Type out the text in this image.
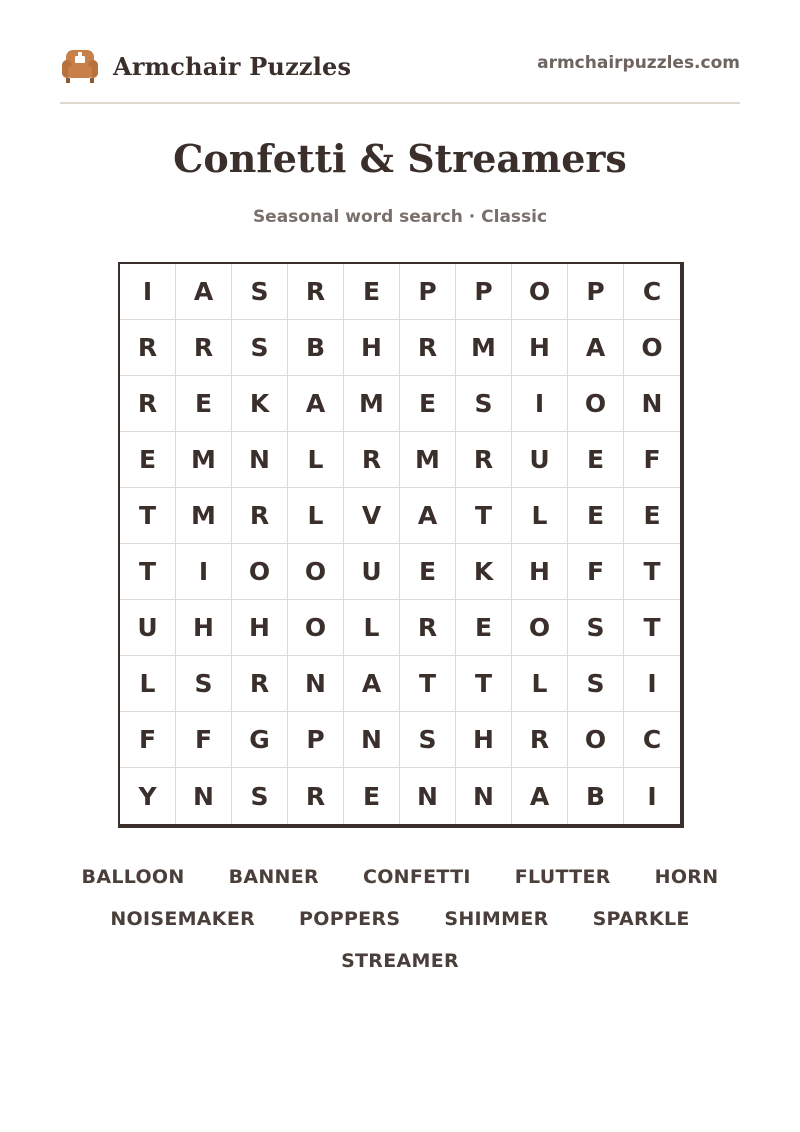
Armchair Puzzles	armchairpuzzles.com
Confetti & Streamers
Seasonal word search · Classic
I	A	S	R	E	P	P	O	P	C
R	R	S	B	H	R	M	H	A	O
R	E	K	A	M	E	S	I	O	N
E	M	N	L	R	M	R	U	E	F
T	M	R	L	V	A	T	L	E	E
T	I	O	O	U	E	K	H	F	T
U	H	H	O	L	R	E	O	S	T
L	S	R	N	A	T	T	L	S	I
F	F	G	P	N	S	H	R	O	C
Y	N	S	R	E	N	N	A	B	I
BALLOON BANNER CONFETTI FLUTTER HORN
NOISEMAKER POPPERS SHIMMER SPARKLE
STREAMER
